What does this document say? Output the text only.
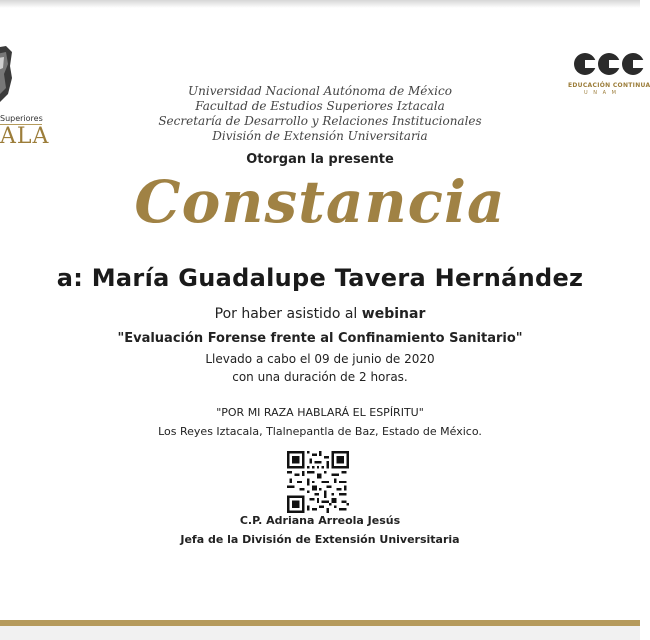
Superiores
ALA
EDUCACIÓN CONTINUA
U N A M
Universidad Nacional Autónoma de México
Facultad de Estudios Superiores Iztacala
Secretaría de Desarrollo y Relaciones Institucionales
División de Extensión Universitaria
Otorgan la presente
Constancia
a: María Guadalupe Tavera Hernández
Por haber asistido al webinar
"Evaluación Forense frente al Confinamiento Sanitario"
Llevado a cabo el 09 de junio de 2020
con una duración de 2 horas.
"POR MI RAZA HABLARÁ EL ESPÍRITU"
Los Reyes Iztacala, Tlalnepantla de Baz, Estado de México.
C.P. Adriana Arreola Jesús
Jefa de la División de Extensión Universitaria
